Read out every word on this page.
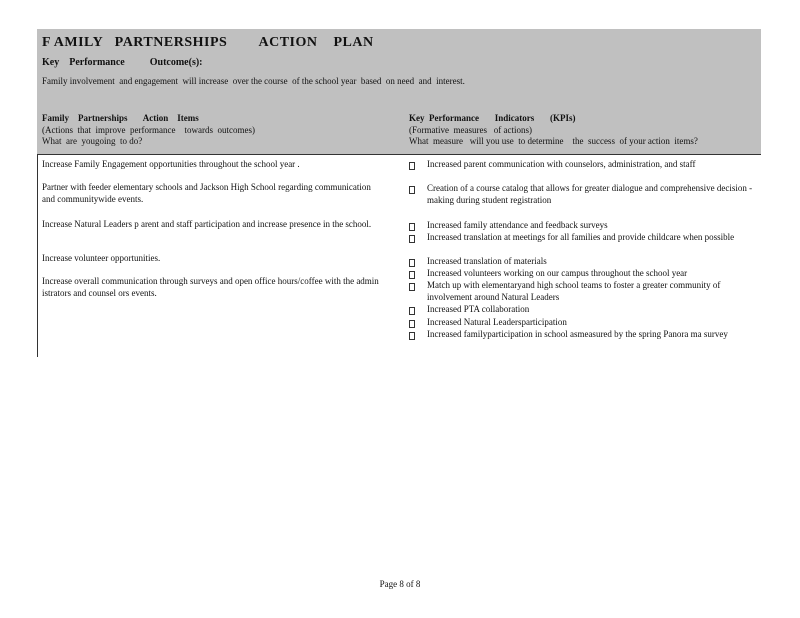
F AMILY   PARTNERSHIPS        ACTION    PLAN
Key    Performance          Outcome(s):
Family involvement  and engagement  will increase  over the course  of the school year  based  on need  and  interest.
Family    Partnerships       Action    Items
(Actions  that  improve  performance    towards  outcomes)
What  are  yougoing  to do?
Key  Performance       Indicators       (KPIs)
(Formative  measures   of actions)
What  measure   will you use  to determine    the  success  of your action  items?
Increase Family Engagement opportunities throughout the school year .
Partner with feeder elementary schools and Jackson High School regarding communication and communitywide events.
Increase Natural Leaders p arent and staff participation and increase presence in the school.
Increase volunteer opportunities.
Increase overall communication through surveys and open office hours/coffee with the admin istrators and counsel ors events.
Increased parent communication with counselors, administration, and staff
Creation of a course catalog that allows for greater dialogue and comprehensive decision - making during student registration
Increased family attendance and feedback surveys
Increased translation at meetings for all families and provide childcare when possible
Increased translation of materials
Increased volunteers working on our campus throughout the school year
Match up with elementaryand high school teams to foster a greater community of involvement around Natural Leaders
Increased PTA collaboration
Increased Natural Leadersparticipation
Increased familyparticipation in school asmeasured by the spring Panora ma survey
Page 8 of 8
